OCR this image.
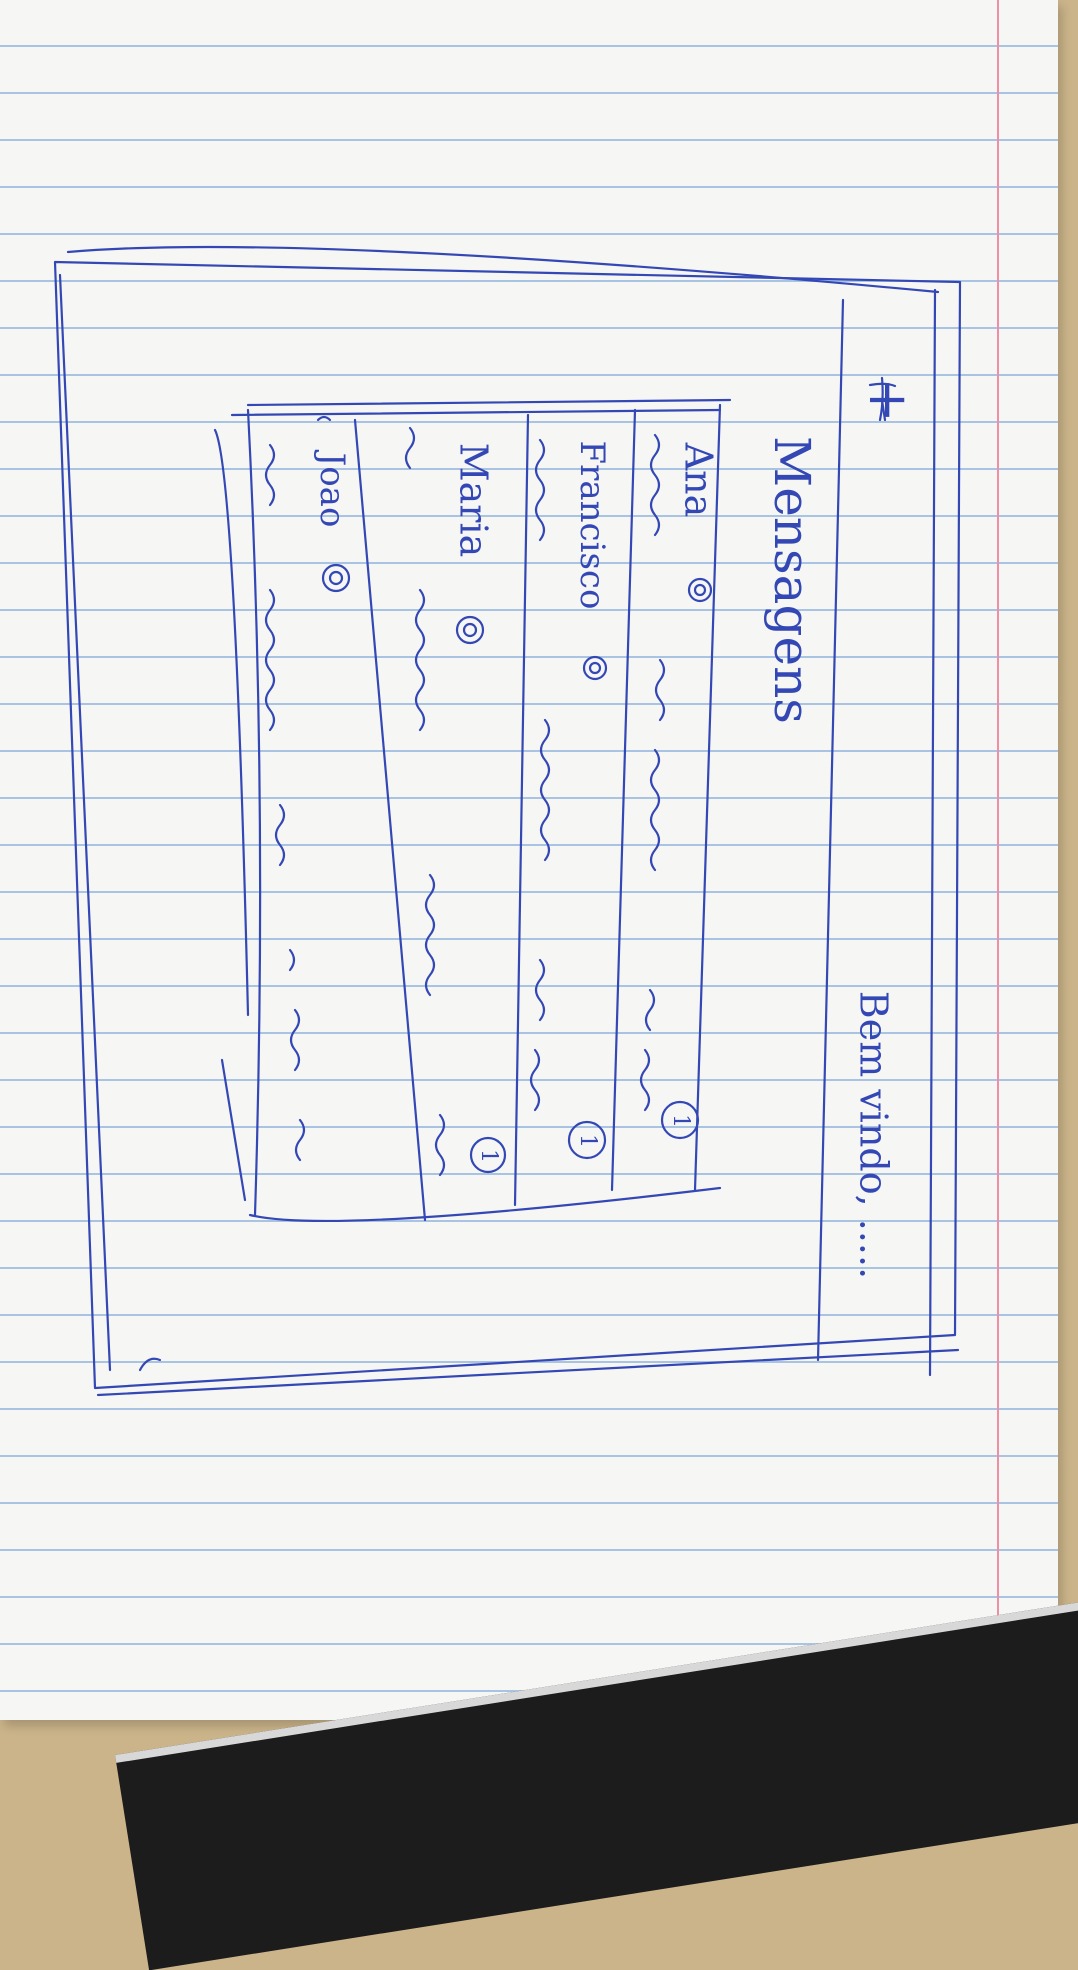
+
Bem vindo, .....
Mensagens
Ana
1
Francisco
1
Maria
1
Joao
